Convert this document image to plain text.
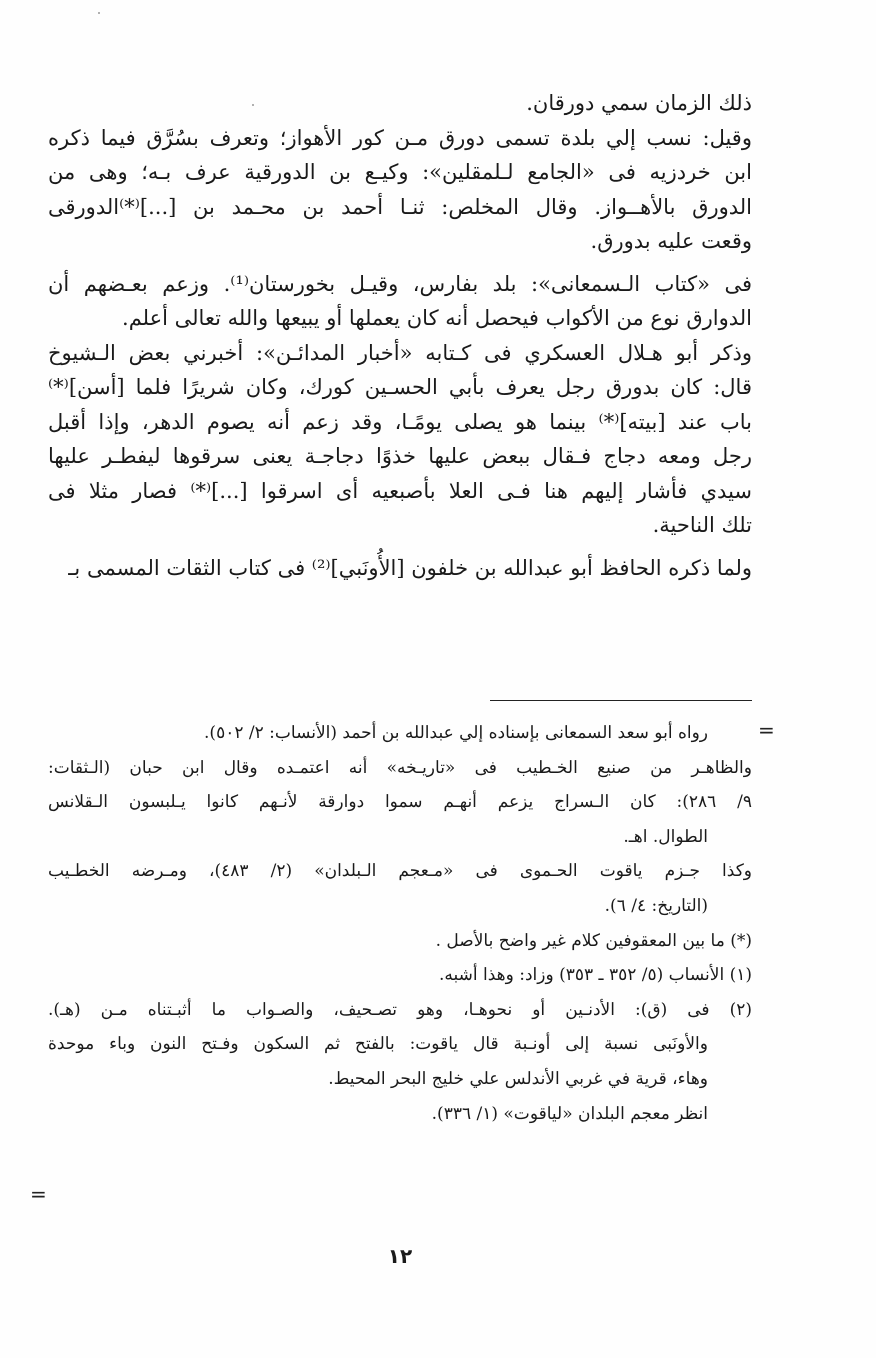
ذلك الزمان سمي دورقان.
وقيل: نسب إلي بلدة تسمى دورق مـن كور الأهواز؛ وتعرف بسُرَّق فيما ذكره
ابن خردزيه فى «الجامع لـلمقلين»: وكيـع بن الدورقية عرف بـه؛ وهى من
الدورق بالأهــواز. وقال المخلص: ثنـا أحمد بن محـمد بن [...]⁽*⁾الدورقى
وقعت عليه بدورق.
فى «كتاب الـسمعانى»: بلد بفارس، وقيـل بخورستان⁽¹⁾. وزعم بعـضهم أن
الدوارق نوع من الأكواب فيحصل أنه كان يعملها أو يبيعها والله تعالى أعلم.
وذكر أبو هـلال العسكري فى كـتابه «أخبار المدائـن»: أخبرني بعض الـشيوخ
قال: كان بدورق رجل يعرف بأبي الحسـين كورك، وكان شريرًا فلما [أسن]⁽*⁾
باب عند [بيته]⁽*⁾ بينما هو يصلى يومًـا، وقد زعم أنه يصوم الدهر، وإذا أقبل
رجل ومعه دجاج فـقال ببعض عليها خذوًا دجاجـة يعنى سرقوها ليفطـر عليها
سيدي فأشار إليهم هنا فـى العلا بأصبعيه أى اسرقوا [...]⁽*⁾ فصار مثلا فى
تلك الناحية.
ولما ذكره الحافظ أبو عبدالله بن خلفون [الأُونَبي]⁽²⁾ فى كتاب الثقات المسمى بـ
رواه أبو سعد السمعانى بإسناده إلي عبدالله بن أحمد (الأنساب: ٢/ ٥٠٢).
والظاهـر من صنيع الخـطيب فى «تاريـخه» أنه اعتمـده وقال ابن حبان (الـثقات:
٩/ ٢٨٦): كان الـسراج يزعم أنهـم سموا دوارقة لأنـهم كانوا يـلبسون الـقلانس
الطوال. اهـ.
وكذا جـزم ياقوت الحـموى فى «مـعجم الـبلدان» (٢/ ٤٨٣)، ومـرضه الخطـيب
(التاريخ: ٤/ ٦).
(*) ما بين المعقوفين كلام غير واضح بالأصل .
(١) الأنساب (٥/ ٣٥٢ ـ ٣٥٣) وزاد: وهذا أشبه.
(٢) فى (ق): الأدنـين أو نحوهـا، وهو تصـحيف، والصـواب ما أثبـتناه مـن (هـ).
والأونَبى نسبة إلى أونـبة قال ياقوت: بالفتح ثم السكون وفـتح النون وباء موحدة
وهاء، قرية في غربي الأندلس علي خليج البحر المحيط.
انظر معجم البلدان «لياقوت» (١/ ٣٣٦).
=
=
١٢
